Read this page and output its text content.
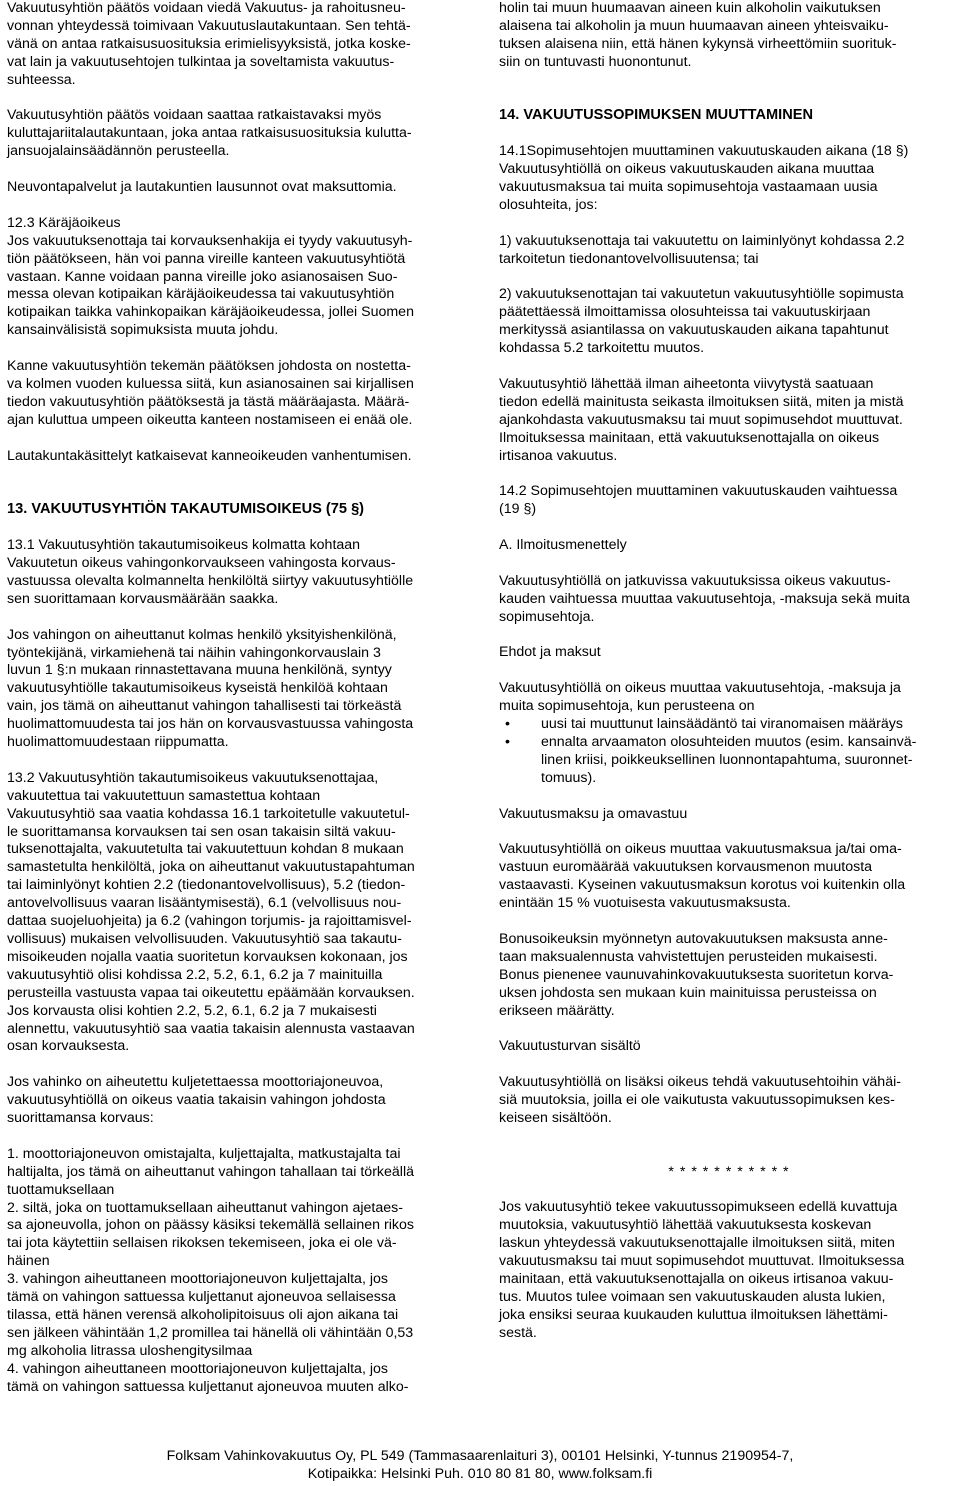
Vakuutusyhtiön päätös voidaan viedä Vakuutus- ja rahoitusneu-
vonnan yhteydessä toimivaan Vakuutuslautakuntaan. Sen tehtä-
vänä on antaa ratkaisusuosituksia erimielisyyksistä, jotka koske-
vat lain ja vakuutusehtojen tulkintaa ja soveltamista vakuutus-
suhteessa.

Vakuutusyhtiön päätös voidaan saattaa ratkaistavaksi myös
kuluttajariitalautakuntaan, joka antaa ratkaisusuosituksia kulutta-
jansuojalainsäädännön perusteella.

Neuvontapalvelut ja lautakuntien lausunnot ovat maksuttomia.

12.3 Käräjäoikeus
Jos vakuutuksenottaja tai korvauksenhakija ei tyydy vakuutusyh-
tiön päätökseen, hän voi panna vireille kanteen vakuutusyhtiötä
vastaan. Kanne voidaan panna vireille joko asianosaisen Suo-
messa olevan kotipaikan käräjäoikeudessa tai vakuutusyhtiön
kotipaikan taikka vahinkopaikan käräjäoikeudessa, jollei Suomen
kansainvälisistä sopimuksista muuta johdu.

Kanne vakuutusyhtiön tekemän päätöksen johdosta on nostetta-
va kolmen vuoden kuluessa siitä, kun asianosainen sai kirjallisen
tiedon vakuutusyhtiön päätöksestä ja tästä määräajasta. Määrä-
ajan kuluttua umpeen oikeutta kanteen nostamiseen ei enää ole.

Lautakuntakäsittelyt katkaisevat kanneoikeuden vanhentumisen.

13. VAKUUTUSYHTIÖN TAKAUTUMISOIKEUS (75 §)

13.1 Vakuutusyhtiön takautumisoikeus kolmatta kohtaan
Vakuutetun oikeus vahingonkorvaukseen vahingosta korvaus-
vastuussa olevalta kolmannelta henkilöltä siirtyy vakuutusyhtiölle
sen suorittamaan korvausmäärään saakka.

Jos vahingon on aiheuttanut kolmas henkilö yksityishenkilönä,
työntekijänä, virkamiehenä tai näihin vahingonkorvauslain 3
luvun 1 §:n mukaan rinnastettavana muuna henkilönä, syntyy
vakuutusyhtiölle takautumisoikeus kyseistä henkilöä kohtaan
vain, jos tämä on aiheuttanut vahingon tahallisesti tai törkeästä
huolimattomuudesta tai jos hän on korvausvastuussa vahingosta
huolimattomuudestaan riippumatta.

13.2 Vakuutusyhtiön takautumisoikeus vakuutuksenottajaa,
vakuutettua tai vakuutettuun samastettua kohtaan
Vakuutusyhtiö saa vaatia kohdassa 16.1 tarkoitetulle vakuutetul-
le suorittamansa korvauksen tai sen osan takaisin siltä vakuu-
tuksenottajalta, vakuutetulta tai vakuutettuun kohdan 8 mukaan
samastetulta henkilöltä, joka on aiheuttanut vakuutustapahtuman
tai laiminlyönyt kohtien 2.2 (tiedonantovelvollisuus), 5.2 (tiedon-
antovelvollisuus vaaran lisääntymisestä), 6.1 (velvollisuus nou-
dattaa suojeluohjeita) ja 6.2 (vahingon torjumis- ja rajoittamisvel-
vollisuus) mukaisen velvollisuuden. Vakuutusyhtiö saa takautu-
misoikeuden nojalla vaatia suoritetun korvauksen kokonaan, jos
vakuutusyhtiö olisi kohdissa 2.2, 5.2, 6.1, 6.2 ja 7 mainituilla
perusteilla vastuusta vapaa tai oikeutettu epäämään korvauksen.
Jos korvausta olisi kohtien 2.2, 5.2, 6.1, 6.2 ja 7 mukaisesti
alennettu, vakuutusyhtiö saa vaatia takaisin alennusta vastaavan
osan korvauksesta.

Jos vahinko on aiheutettu kuljetettaessa moottoriajoneuvoa,
vakuutusyhtiöllä on oikeus vaatia takaisin vahingon johdosta
suorittamansa korvaus:

1. moottoriajoneuvon omistajalta, kuljettajalta, matkustajalta tai
haltijalta, jos tämä on aiheuttanut vahingon tahallaan tai törkeällä
tuottamuksellaan

2. siltä, joka on tuottamuksellaan aiheuttanut vahingon ajetaes-
sa ajoneuvolla, johon on päässy käsiksi tekemällä sellainen rikos
tai jota käytettiin sellaisen rikoksen tekemiseen, joka ei ole vä-
häinen

3. vahingon aiheuttaneen moottoriajoneuvon kuljettajalta, jos
tämä on vahingon sattuessa kuljettanut ajoneuvoa sellaisessa
tilassa, että hänen verensä alkoholipitoisuus oli ajon aikana tai
sen jälkeen vähintään 1,2 promillea tai hänellä oli vähintään 0,53
mg alkoholia litrassa uloshengitysilmaa

4. vahingon aiheuttaneen moottoriajoneuvon kuljettajalta, jos
tämä on vahingon sattuessa kuljettanut ajoneuvoa muuten alko-

holin tai muun huumaavan aineen kuin alkoholin vaikutuksen
alaisena tai alkoholin ja muun huumaavan aineen yhteisvaiku-
tuksen alaisena niin, että hänen kykynsä virheettömiin suorituk-
siin on tuntuvasti huonontunut.

14. VAKUUTUSSOPIMUKSEN MUUTTAMINEN

14.1Sopimusehtojen muuttaminen vakuutuskauden aikana (18 §)
Vakuutusyhtiöllä on oikeus vakuutuskauden aikana muuttaa
vakuutusmaksua tai muita sopimusehtoja vastaamaan uusia
olosuhteita, jos:

1) vakuutuksenottaja tai vakuutettu on laiminlyönyt kohdassa 2.2
tarkoitetun tiedonantovelvollisuutensa; tai

2) vakuutuksenottajan tai vakuutetun vakuutusyhtiölle sopimusta
päätettäessä ilmoittamissa olosuhteissa tai vakuutuskirjaan
merkityssä asiantilassa on vakuutuskauden aikana tapahtunut
kohdassa 5.2 tarkoitettu muutos.

Vakuutusyhtiö lähettää ilman aiheetonta viivytystä saatuaan
tiedon edellä mainitusta seikasta ilmoituksen siitä, miten ja mistä
ajankohdasta vakuutusmaksu tai muut sopimusehdot muuttuvat.
Ilmoituksessa mainitaan, että vakuutuksenottajalla on oikeus
irtisanoa vakuutus.

14.2 Sopimusehtojen muuttaminen vakuutuskauden vaihtuessa
(19 §)

A. Ilmoitusmenettely

Vakuutusyhtiöllä on jatkuvissa vakuutuksissa oikeus vakuutus-
kauden vaihtuessa muuttaa vakuutusehtoja, -maksuja sekä muita
sopimusehtoja.

Ehdot ja maksut

Vakuutusyhtiöllä on oikeus muuttaa vakuutusehtoja, -maksuja ja
muita sopimusehtoja, kun perusteena on

• uusi tai muuttunut lainsäädäntö tai viranomaisen määräys
• ennalta arvaamaton olosuhteiden muutos (esim. kansainvä-
linen kriisi, poikkeuksellinen luonnontapahtuma, suuronnet-
tomuus).

Vakuutusmaksu ja omavastuu

Vakuutusyhtiöllä on oikeus muuttaa vakuutusmaksua ja/tai oma-
vastuun euromäärää vakuutuksen korvausmenon muutosta
vastaavasti. Kyseinen vakuutusmaksun korotus voi kuitenkin olla
enintään 15 % vuotuisesta vakuutusmaksusta.

Bonusoikeuksin myönnetyn autovakuutuksen maksusta anne-
taan maksualennusta vahvistettujen perusteiden mukaisesti.
Bonus pienenee vaunuvahinkovakuutuksesta suoritetun korva-
uksen johdosta sen mukaan kuin mainituissa perusteissa on
erikseen määrätty.

Vakuutusturvan sisältö

Vakuutusyhtiöllä on lisäksi oikeus tehdä vakuutusehtoihin vähäi-
siä muutoksia, joilla ei ole vaikutusta vakuutussopimuksen kes-
keiseen sisältöön.

* * * * * * * * * * *

Jos vakuutusyhtiö tekee vakuutussopimukseen edellä kuvattuja
muutoksia, vakuutusyhtiö lähettää vakuutuksesta koskevan
laskun yhteydessä vakuutuksenottajalle ilmoituksen siitä, miten
vakuutusmaksu tai muut sopimusehdot muuttuvat. Ilmoituksessa
mainitaan, että vakuutuksenottajalla on oikeus irtisanoa vakuu-
tus. Muutos tulee voimaan sen vakuutuskauden alusta lukien,
joka ensiksi seuraa kuukauden kuluttua ilmoituksen lähettämi-
sestä.

Folksam Vahinkovakuutus Oy, PL 549 (Tammasaarenlaituri 3), 00101 Helsinki, Y-tunnus 2190954-7,
Kotipaikka: Helsinki Puh. 010 80 81 80, www.folksam.fi
